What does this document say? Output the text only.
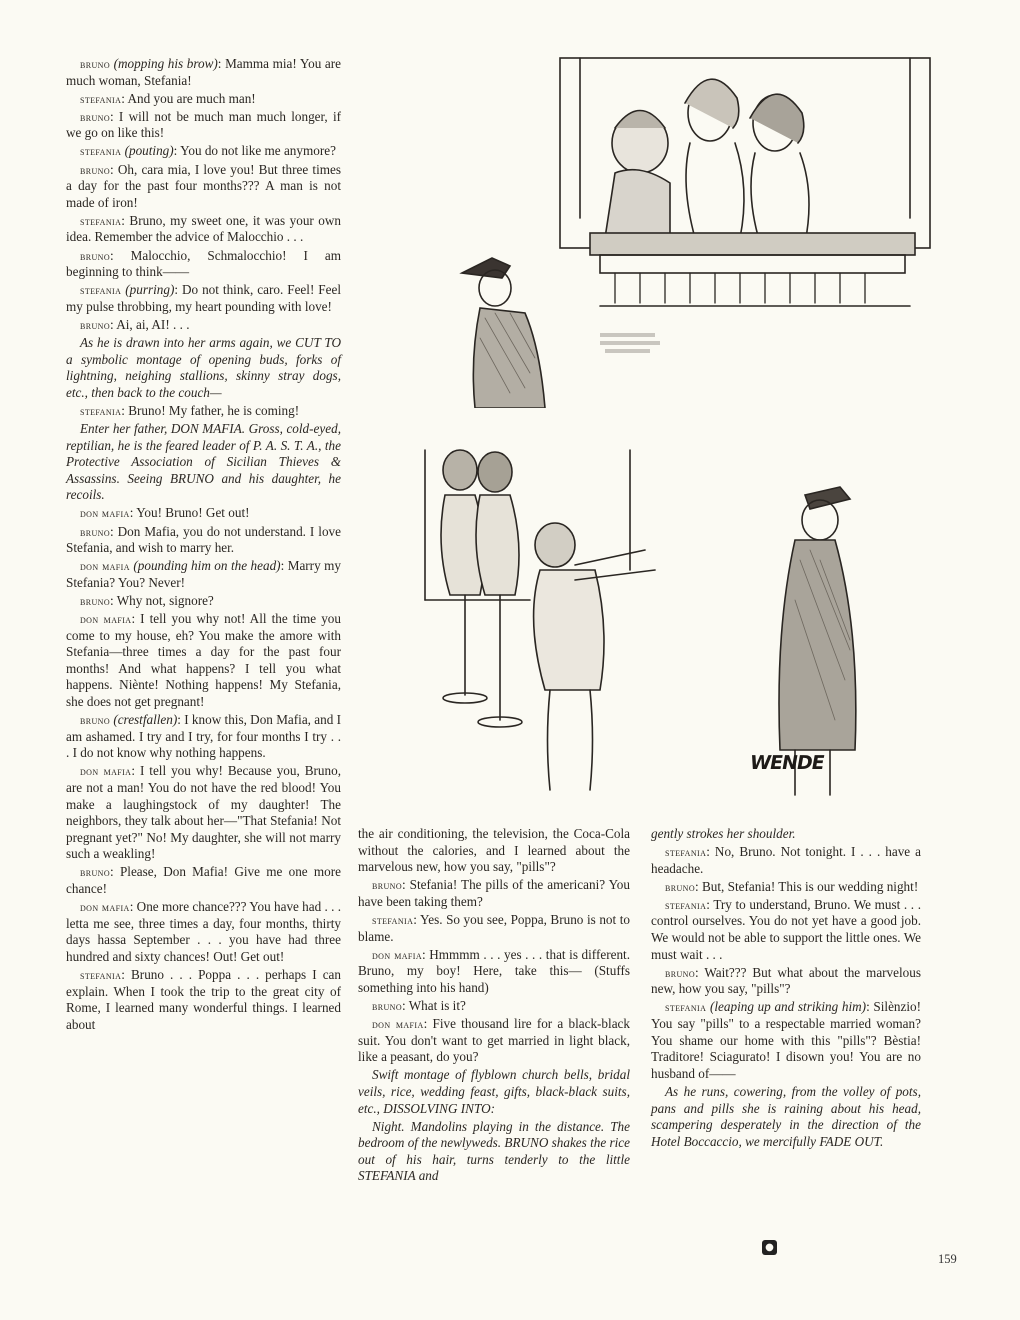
bruno (mopping his brow): Mamma mia! You are much woman, Stefania!

stefania: And you are much man!

bruno: I will not be much man much longer, if we go on like this!

stefania (pouting): You do not like me anymore?

bruno: Oh, cara mia, I love you! But three times a day for the past four months??? A man is not made of iron!

stefania: Bruno, my sweet one, it was your own idea. Remember the advice of Malocchio . . .

bruno: Malocchio, Schmalocchio! I am beginning to think——

stefania (purring): Do not think, caro. Feel! Feel my pulse throbbing, my heart pounding with love!

bruno: Ai, ai, AI! . . .

As he is drawn into her arms again, we CUT TO a symbolic montage of opening buds, forks of lightning, neighing stallions, skinny stray dogs, etc., then back to the couch—

stefania: Bruno! My father, he is coming!

Enter her father, DON MAFIA. Gross, cold-eyed, reptilian, he is the feared leader of P. A. S. T. A., the Protective Association of Sicilian Thieves & Assassins. Seeing BRUNO and his daughter, he recoils.

don mafia: You! Bruno! Get out!

bruno: Don Mafia, you do not understand. I love Stefania, and wish to marry her.

don mafia (pounding him on the head): Marry my Stefania? You? Never!

bruno: Why not, signore?

don mafia: I tell you why not! All the time you come to my house, eh? You make the amore with Stefania—three times a day for the past four months! And what happens? I tell you what happens. Niènte! Nothing happens! My Stefania, she does not get pregnant!

bruno (crestfallen): I know this, Don Mafia, and I am ashamed. I try and I try, for four months I try . . . I do not know why nothing happens.

don mafia: I tell you why! Because you, Bruno, are not a man! You do not have the red blood! You make a laughingstock of my daughter! The neighbors, they talk about her—"That Stefania! Not pregnant yet?" No! My daughter, she will not marry such a weakling!

bruno: Please, Don Mafia! Give me one more chance!

don mafia: One more chance??? You have had . . . letta me see, three times a day, four months, thirty days hassa September . . . you have had three hundred and sixty chances! Out! Get out!

stefania: Bruno . . . Poppa . . . perhaps I can explain. When I took the trip to the great city of Rome, I learned many wonderful things. I learned about

the air conditioning, the television, the Coca-Cola without the calories, and I learned about the marvelous new, how you say, "pills"?

bruno: Stefania! The pills of the americani? You have been taking them?

stefania: Yes. So you see, Poppa, Bruno is not to blame.

don mafia: Hmmmm . . . yes . . . that is different. Bruno, my boy! Here, take this— (Stuffs something into his hand)

bruno: What is it?

don mafia: Five thousand lire for a black-black suit. You don't want to get married in light black, like a peasant, do you?

Swift montage of flyblown church bells, bridal veils, rice, wedding feast, gifts, black-black suits, etc., DISSOLVING INTO:

Night. Mandolins playing in the distance. The bedroom of the newlyweds. BRUNO shakes the rice out of his hair, turns tenderly to the little STEFANIA and

gently strokes her shoulder.

stefania: No, Bruno. Not tonight. I . . . have a headache.

bruno: But, Stefania! This is our wedding night!

stefania: Try to understand, Bruno. We must . . . control ourselves. You do not yet have a good job. We would not be able to support the little ones. We must wait . . .

bruno: Wait??? But what about the marvelous new, how you say, "pills"?

stefania (leaping up and striking him): Silènzio! You say "pills" to a respectable married woman? You shame our home with this "pills"? Bèstia! Traditore! Sciagurato! I disown you! You are no husband of——

As he runs, cowering, from the volley of pots, pans and pills she is raining about his head, scampering desperately in the direction of the Hotel Boccaccio, we mercifully FADE OUT.

WENDE
●
159
